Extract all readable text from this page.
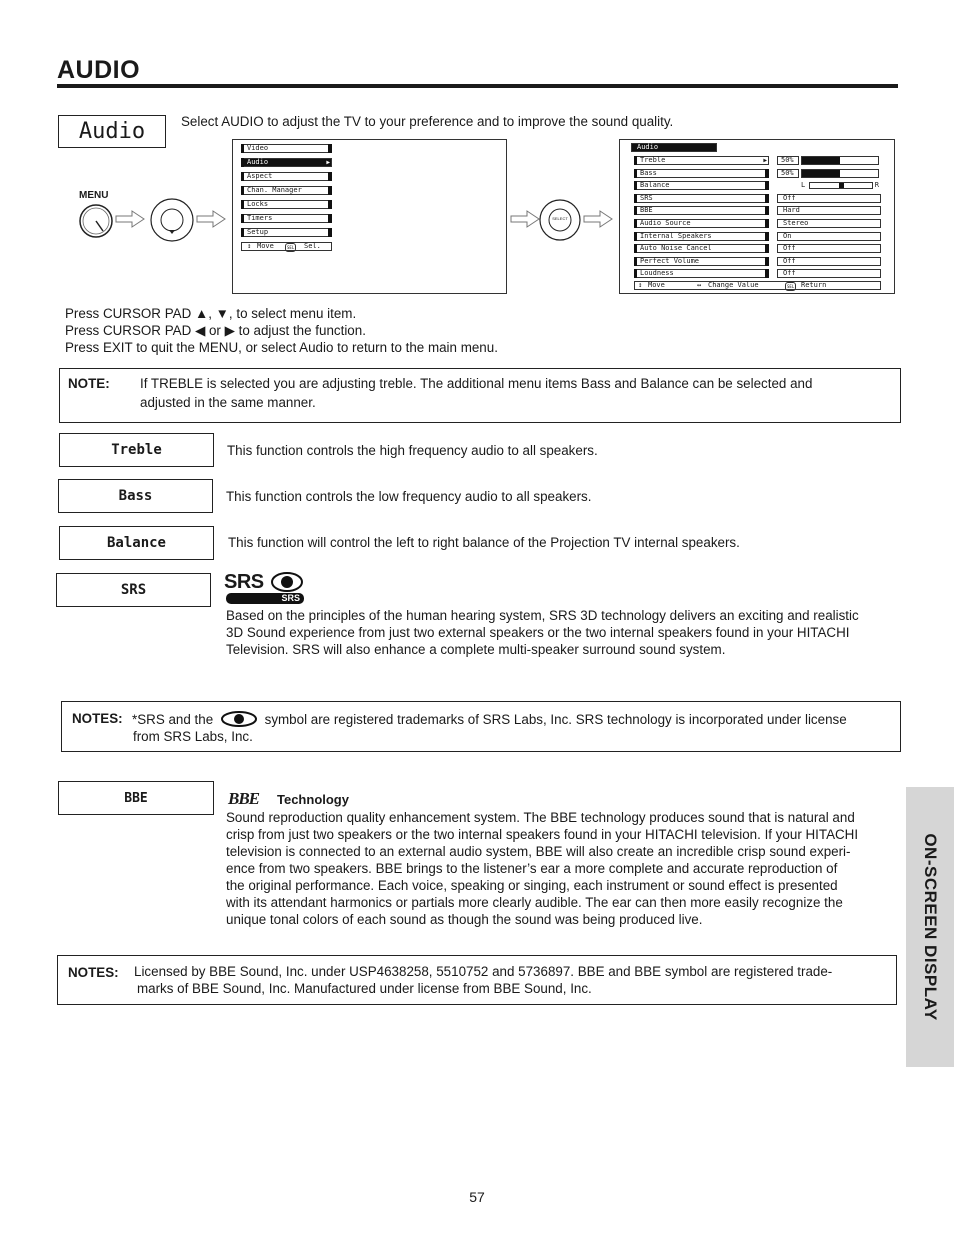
AUDIO
Audio	Select AUDIO to adjust the TV to your preference and to improve the sound quality.
MENU
SELECT
Video
Audio	▶
Aspect
Chan. Manager
Locks
Timers
Setup
↕ Move	SEL Sel.
Audio
Treble	▶	50%
Bass	50%
Balance	L	R
SRS	Off
BBE	Hard
Audio Source	Stereo
Internal Speakers	On
Auto Noise Cancel	Off
Perfect Volume	Off
Loudness	Off
↕ Move	↔ Change Value	SEL Return
Press CURSOR PAD ▲, ▼, to select menu item.
Press CURSOR PAD ◀ or ▶ to adjust the function.
Press EXIT to quit the MENU, or select Audio to return to the main menu.
NOTE: If TREBLE is selected you are adjusting treble. The additional menu items Bass and Balance can be selected and
adjusted in the same manner.
Treble	This function controls the high frequency audio to all speakers.
Bass	This function controls the low frequency audio to all speakers.
Balance	This function will control the left to right balance of the Projection TV internal speakers.
SRS	SRS
SRS
Based on the principles of the human hearing system, SRS 3D technology delivers an exciting and realistic
3D Sound experience from just two external speakers or the two internal speakers found in your HITACHI
Television. SRS will also enhance a complete multi-speaker surround sound system.
NOTES: *SRS and the	symbol are registered trademarks of SRS Labs, Inc. SRS technology is incorporated under license
from SRS Labs, Inc.
BBE	BBE Technology
Sound reproduction quality enhancement system. The BBE technology produces sound that is natural and
crisp from just two speakers or the two internal speakers found in your HITACHI television. If your HITACHI
television is connected to an external audio system, BBE will also create an incredible crisp sound experi-
ence from two speakers. BBE brings to the listener’s ear a more complete and accurate reproduction of
the original performance. Each voice, speaking or singing, each instrument or sound effect is presented
with its attendant harmonics or partials more clearly audible. The ear can then more easily recognize the
unique tonal colors of each sound as though the sound was being produced live.
NOTES: Licensed by BBE Sound, Inc. under USP4638258, 5510752 and 5736897. BBE and BBE symbol are registered trade-
marks of BBE Sound, Inc. Manufactured under license from BBE Sound, Inc.	ON-SCREEN DISPLAY
57
